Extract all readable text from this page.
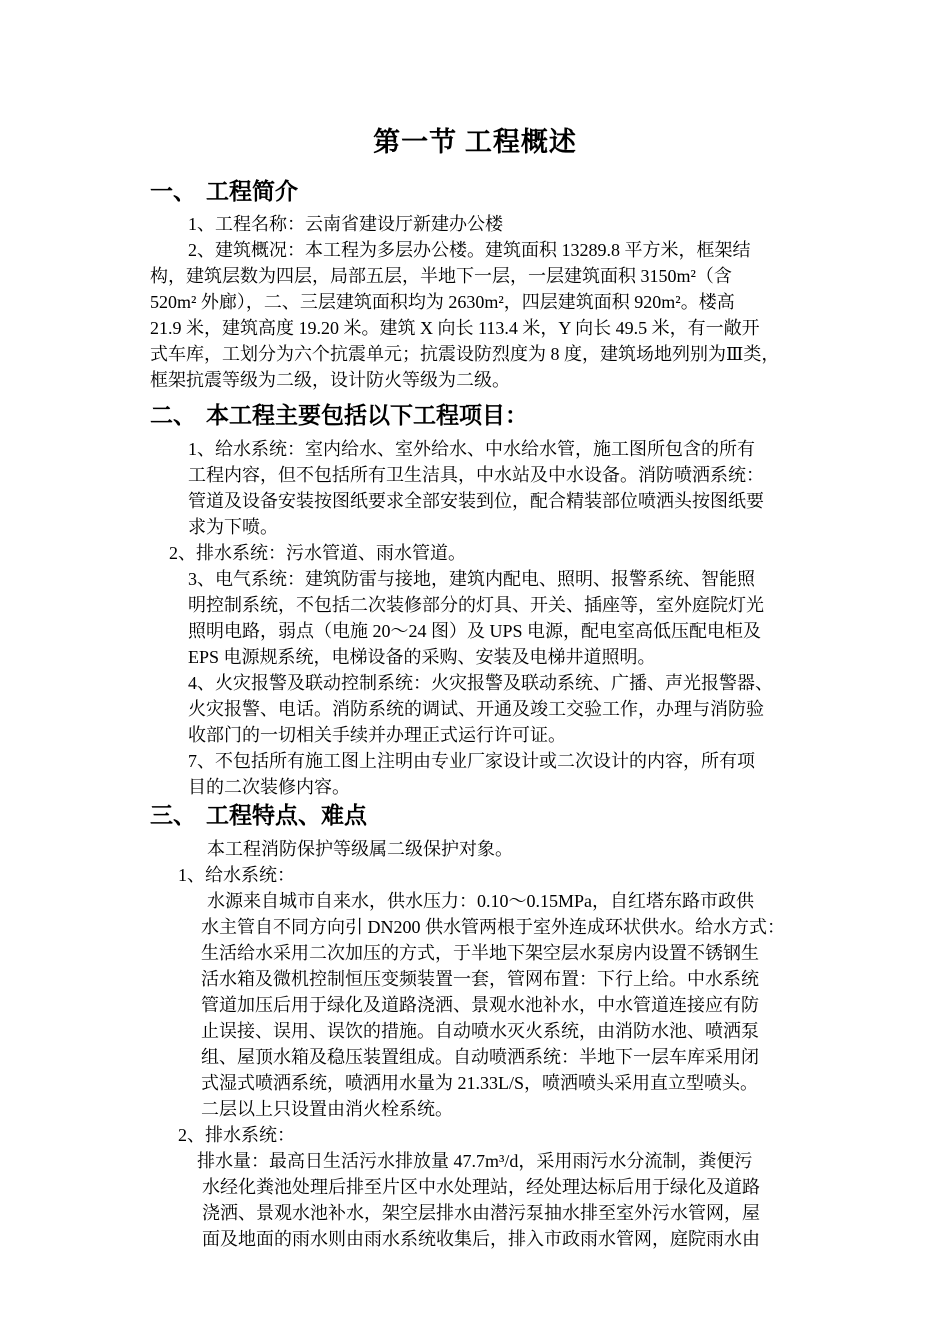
第一节 工程概述
一、 工程简介
1、工程名称：云南省建设厅新建办公楼
2、建筑概况：本工程为多层办公楼。建筑面积 13289.8 平方米，框架结
构，建筑层数为四层，局部五层，半地下一层，一层建筑面积 3150m²（含
520m² 外廊），二、三层建筑面积均为 2630m²，四层建筑面积 920m²。楼高
21.9 米，建筑高度 19.20 米。建筑 X 向长 113.4 米，Y 向长 49.5 米，有一敞开
式车库，工划分为六个抗震单元；抗震设防烈度为 8 度，建筑场地列别为Ⅲ类，
框架抗震等级为二级，设计防火等级为二级。
二、 本工程主要包括以下工程项目：
1、给水系统：室内给水、室外给水、中水给水管，施工图所包含的所有
工程内容，但不包括所有卫生洁具，中水站及中水设备。消防喷洒系统：
管道及设备安装按图纸要求全部安装到位，配合精装部位喷洒头按图纸要
求为下喷。
2、排水系统：污水管道、雨水管道。
3、电气系统：建筑防雷与接地，建筑内配电、照明、报警系统、智能照
明控制系统，不包括二次装修部分的灯具、开关、插座等，室外庭院灯光
照明电路，弱点（电施 20～24 图）及 UPS 电源，配电室高低压配电柜及
EPS 电源规系统，电梯设备的采购、安装及电梯井道照明。
4、火灾报警及联动控制系统：火灾报警及联动系统、广播、声光报警器、
火灾报警、电话。消防系统的调试、开通及竣工交验工作，办理与消防验
收部门的一切相关手续并办理正式运行许可证。
7、不包括所有施工图上注明由专业厂家设计或二次设计的内容，所有项
目的二次装修内容。
三、 工程特点、难点
本工程消防保护等级属二级保护对象。
1、给水系统：
水源来自城市自来水，供水压力：0.10～0.15MPa，自红塔东路市政供
水主管自不同方向引 DN200 供水管两根于室外连成环状供水。给水方式：
生活给水采用二次加压的方式，于半地下架空层水泵房内设置不锈钢生
活水箱及微机控制恒压变频装置一套，管网布置：下行上给。中水系统
管道加压后用于绿化及道路浇洒、景观水池补水，中水管道连接应有防
止误接、误用、误饮的措施。自动喷水灭火系统，由消防水池、喷洒泵
组、屋顶水箱及稳压装置组成。自动喷洒系统：半地下一层车库采用闭
式湿式喷洒系统，喷洒用水量为 21.33L/S，喷洒喷头采用直立型喷头。
二层以上只设置由消火栓系统。
2、排水系统：
排水量：最高日生活污水排放量 47.7m³/d，采用雨污水分流制，粪便污
水经化粪池处理后排至片区中水处理站，经处理达标后用于绿化及道路
浇洒、景观水池补水，架空层排水由潜污泵抽水排至室外污水管网，屋
面及地面的雨水则由雨水系统收集后，排入市政雨水管网，庭院雨水由
